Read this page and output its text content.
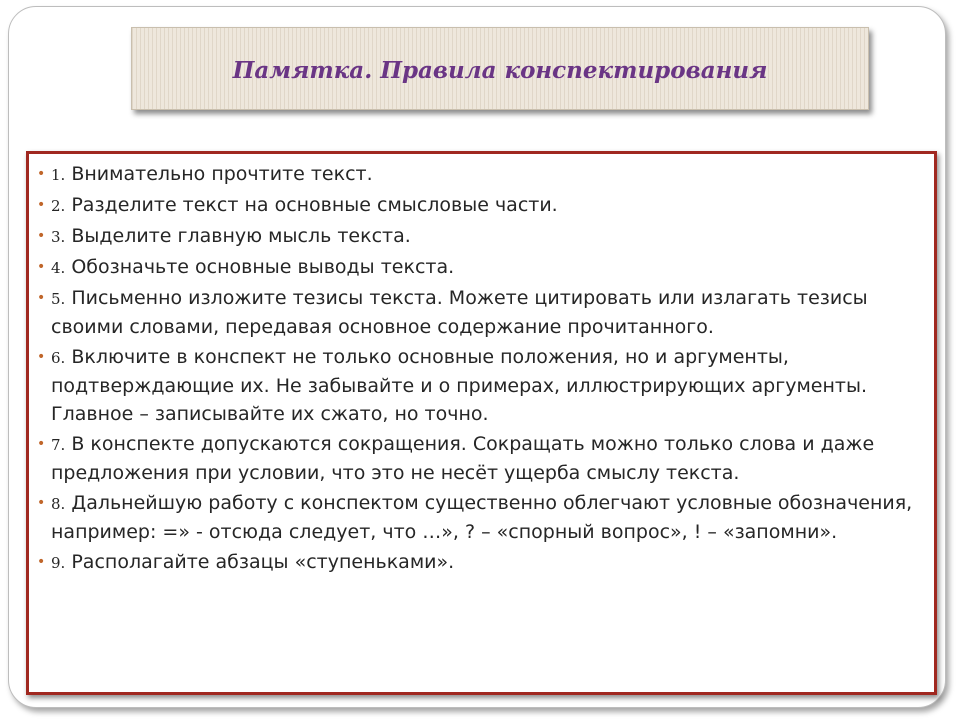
Памятка. Правила конспектирования
• 1. Внимательно прочтите текст.
• 2. Разделите текст на основные смысловые части.
• 3. Выделите главную мысль текста.
• 4. Обозначьте основные выводы текста.
• 5. Письменно изложите тезисы текста. Можете цитировать или излагать тезисы своими словами, передавая основное содержание прочитанного.
• 6. Включите в конспект не только основные положения, но и аргументы, подтверждающие их. Не забывайте и о примерах, иллюстрирующих аргументы. Главное – записывайте их сжато, но точно.
• 7. В конспекте допускаются сокращения. Сокращать можно только слова и даже предложения при условии, что это не несёт ущерба смыслу текста.
• 8. Дальнейшую работу с конспектом существенно облегчают условные обозначения, например: =» - отсюда следует, что …», ? – «спорный вопрос», ! – «запомни».
• 9. Располагайте абзацы «ступеньками».
